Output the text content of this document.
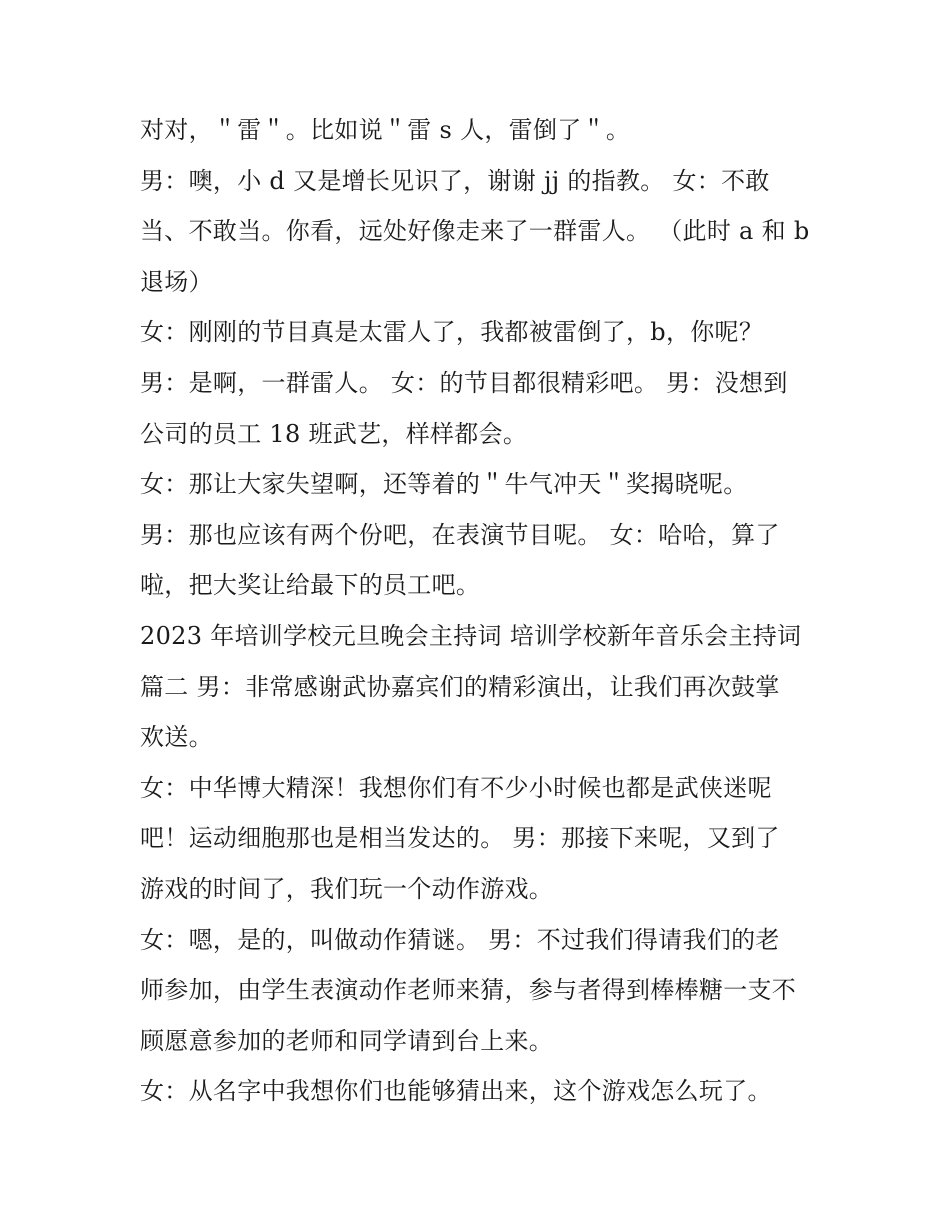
对对，＂雷＂。比如说＂雷 s 人，雷倒了＂。
男：噢，小 d 又是增长见识了，谢谢 jj 的指教。 女：不敢
当、不敢当。你看，远处好像走来了一群雷人。 （此时 a 和 b
退场）
女：刚刚的节目真是太雷人了，我都被雷倒了，b，你呢？
男：是啊，一群雷人。 女：的节目都很精彩吧。 男：没想到
公司的员工 18 班武艺，样样都会。
女：那让大家失望啊，还等着的＂牛气冲天＂奖揭晓呢。
男：那也应该有两个份吧，在表演节目呢。 女：哈哈，算了
啦，把大奖让给最下的员工吧。
2023 年培训学校元旦晚会主持词 培训学校新年音乐会主持词
篇二 男：非常感谢武协嘉宾们的精彩演出，让我们再次鼓掌
欢送。
女：中华博大精深！我想你们有不少小时候也都是武侠迷呢
吧！运动细胞那也是相当发达的。 男：那接下来呢，又到了
游戏的时间了，我们玩一个动作游戏。
女：嗯，是的，叫做动作猜谜。 男：不过我们得请我们的老
师参加，由学生表演动作老师来猜，参与者得到棒棒糖一支不
顾愿意参加的老师和同学请到台上来。
女：从名字中我想你们也能够猜出来，这个游戏怎么玩了。
